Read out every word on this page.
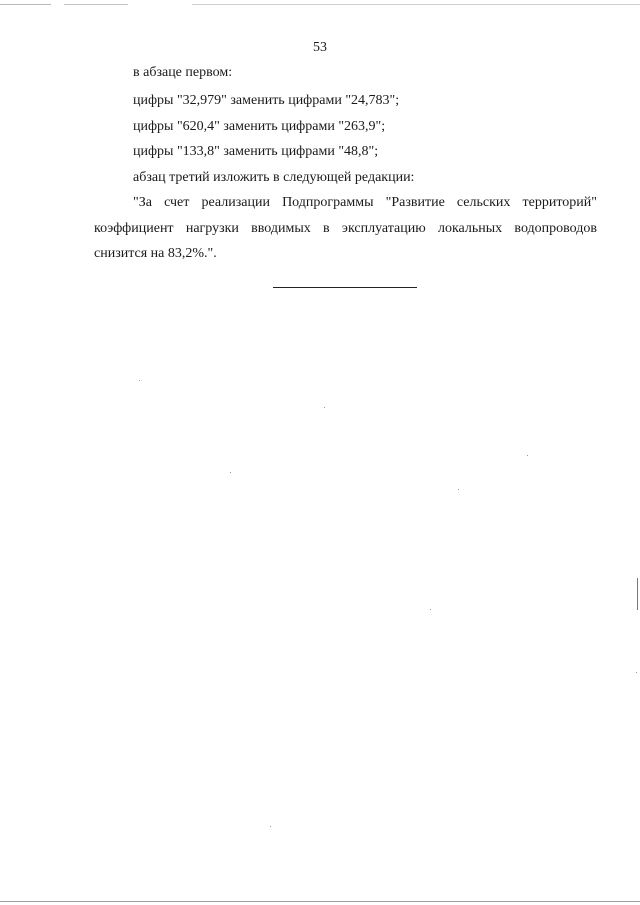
53
в абзаце первом:
цифры "32,979" заменить цифрами "24,783";
цифры "620,4" заменить цифрами "263,9";
цифры "133,8" заменить цифрами "48,8";
абзац третий изложить в следующей редакции:
"За счет реализации Подпрограммы "Развитие сельских территорий"
коэффициент нагрузки вводимых в эксплуатацию локальных водопроводов
снизится на 83,2%.".
